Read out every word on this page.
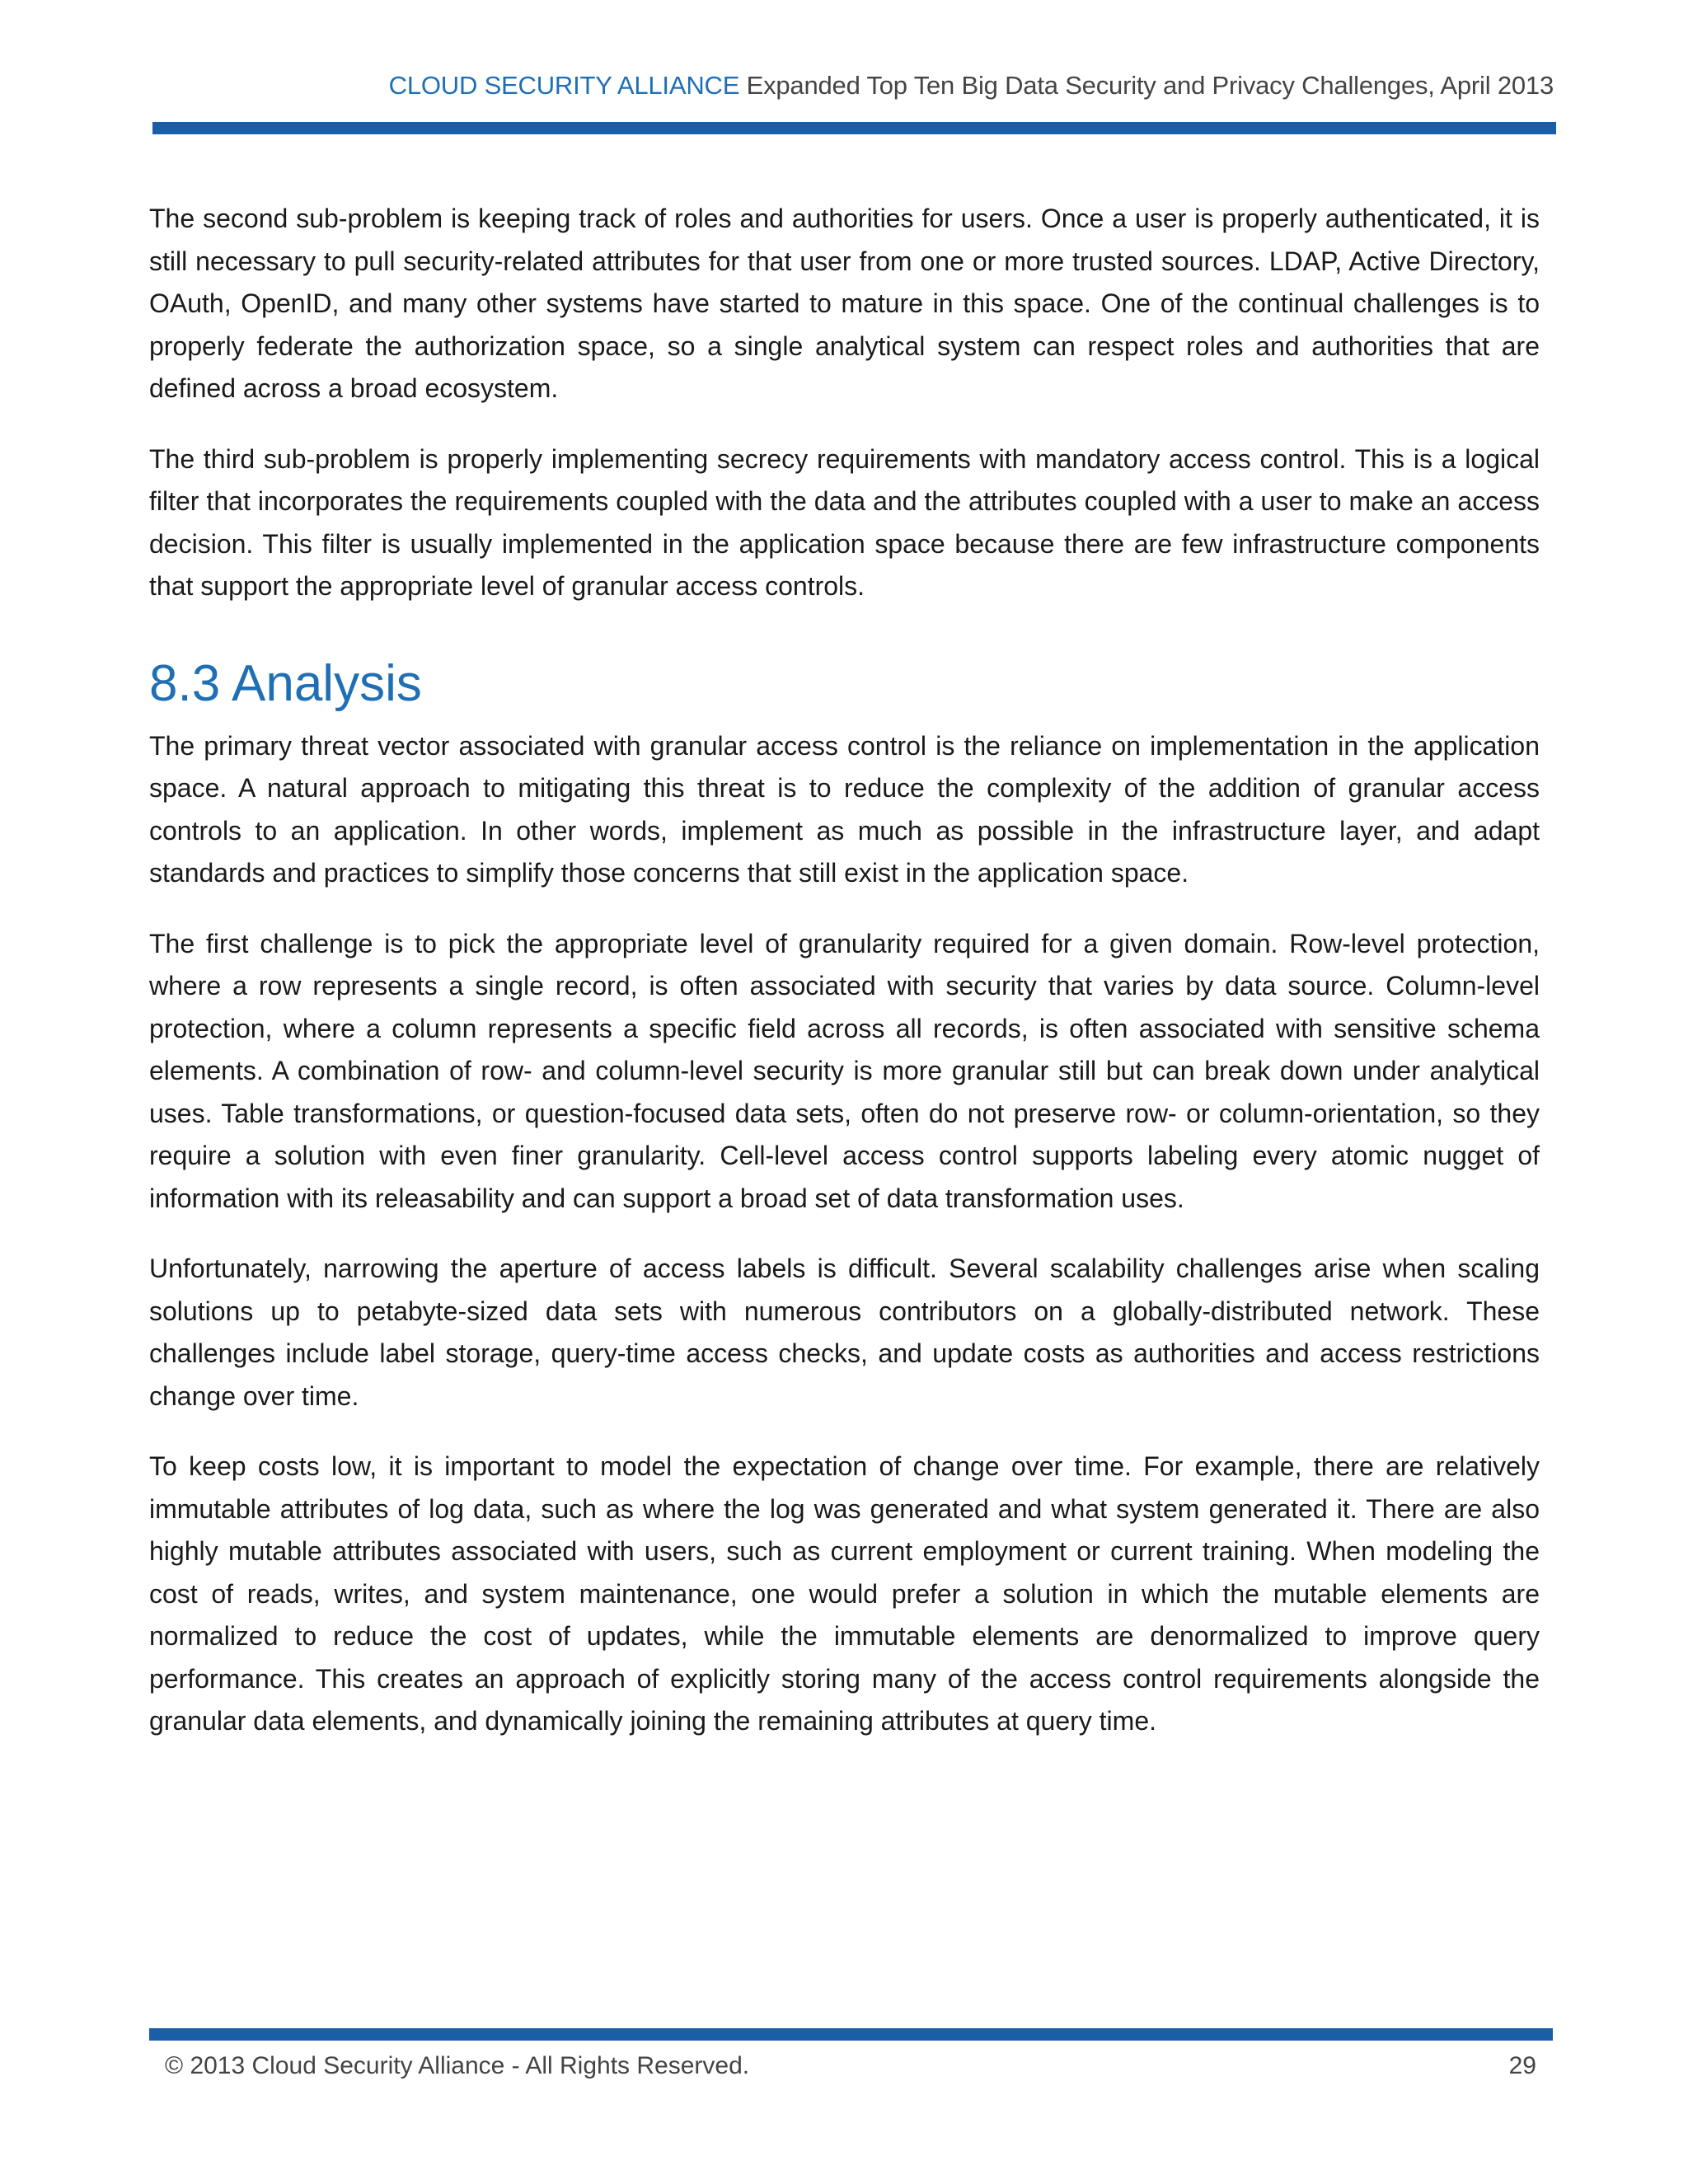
CLOUD SECURITY ALLIANCE Expanded Top Ten Big Data Security and Privacy Challenges, April 2013

The second sub-problem is keeping track of roles and authorities for users. Once a user is properly authenticated, it is still necessary to pull security-related attributes for that user from one or more trusted sources. LDAP, Active Directory, OAuth, OpenID, and many other systems have started to mature in this space. One of the continual challenges is to properly federate the authorization space, so a single analytical system can respect roles and authorities that are defined across a broad ecosystem.

The third sub-problem is properly implementing secrecy requirements with mandatory access control. This is a logical filter that incorporates the requirements coupled with the data and the attributes coupled with a user to make an access decision. This filter is usually implemented in the application space because there are few infrastructure components that support the appropriate level of granular access controls.

8.3 Analysis

The primary threat vector associated with granular access control is the reliance on implementation in the application space. A natural approach to mitigating this threat is to reduce the complexity of the addition of granular access controls to an application. In other words, implement as much as possible in the infrastructure layer, and adapt standards and practices to simplify those concerns that still exist in the application space.

The first challenge is to pick the appropriate level of granularity required for a given domain. Row-level protection, where a row represents a single record, is often associated with security that varies by data source. Column-level protection, where a column represents a specific field across all records, is often associated with sensitive schema elements. A combination of row- and column-level security is more granular still but can break down under analytical uses. Table transformations, or question-focused data sets, often do not preserve row- or column-orientation, so they require a solution with even finer granularity. Cell-level access control supports labeling every atomic nugget of information with its releasability and can support a broad set of data transformation uses.

Unfortunately, narrowing the aperture of access labels is difficult. Several scalability challenges arise when scaling solutions up to petabyte-sized data sets with numerous contributors on a globally-distributed network. These challenges include label storage, query-time access checks, and update costs as authorities and access restrictions change over time.

To keep costs low, it is important to model the expectation of change over time. For example, there are relatively immutable attributes of log data, such as where the log was generated and what system generated it. There are also highly mutable attributes associated with users, such as current employment or current training. When modeling the cost of reads, writes, and system maintenance, one would prefer a solution in which the mutable elements are normalized to reduce the cost of updates, while the immutable elements are denormalized to improve query performance. This creates an approach of explicitly storing many of the access control requirements alongside the granular data elements, and dynamically joining the remaining attributes at query time.

© 2013 Cloud Security Alliance - All Rights Reserved.	29
